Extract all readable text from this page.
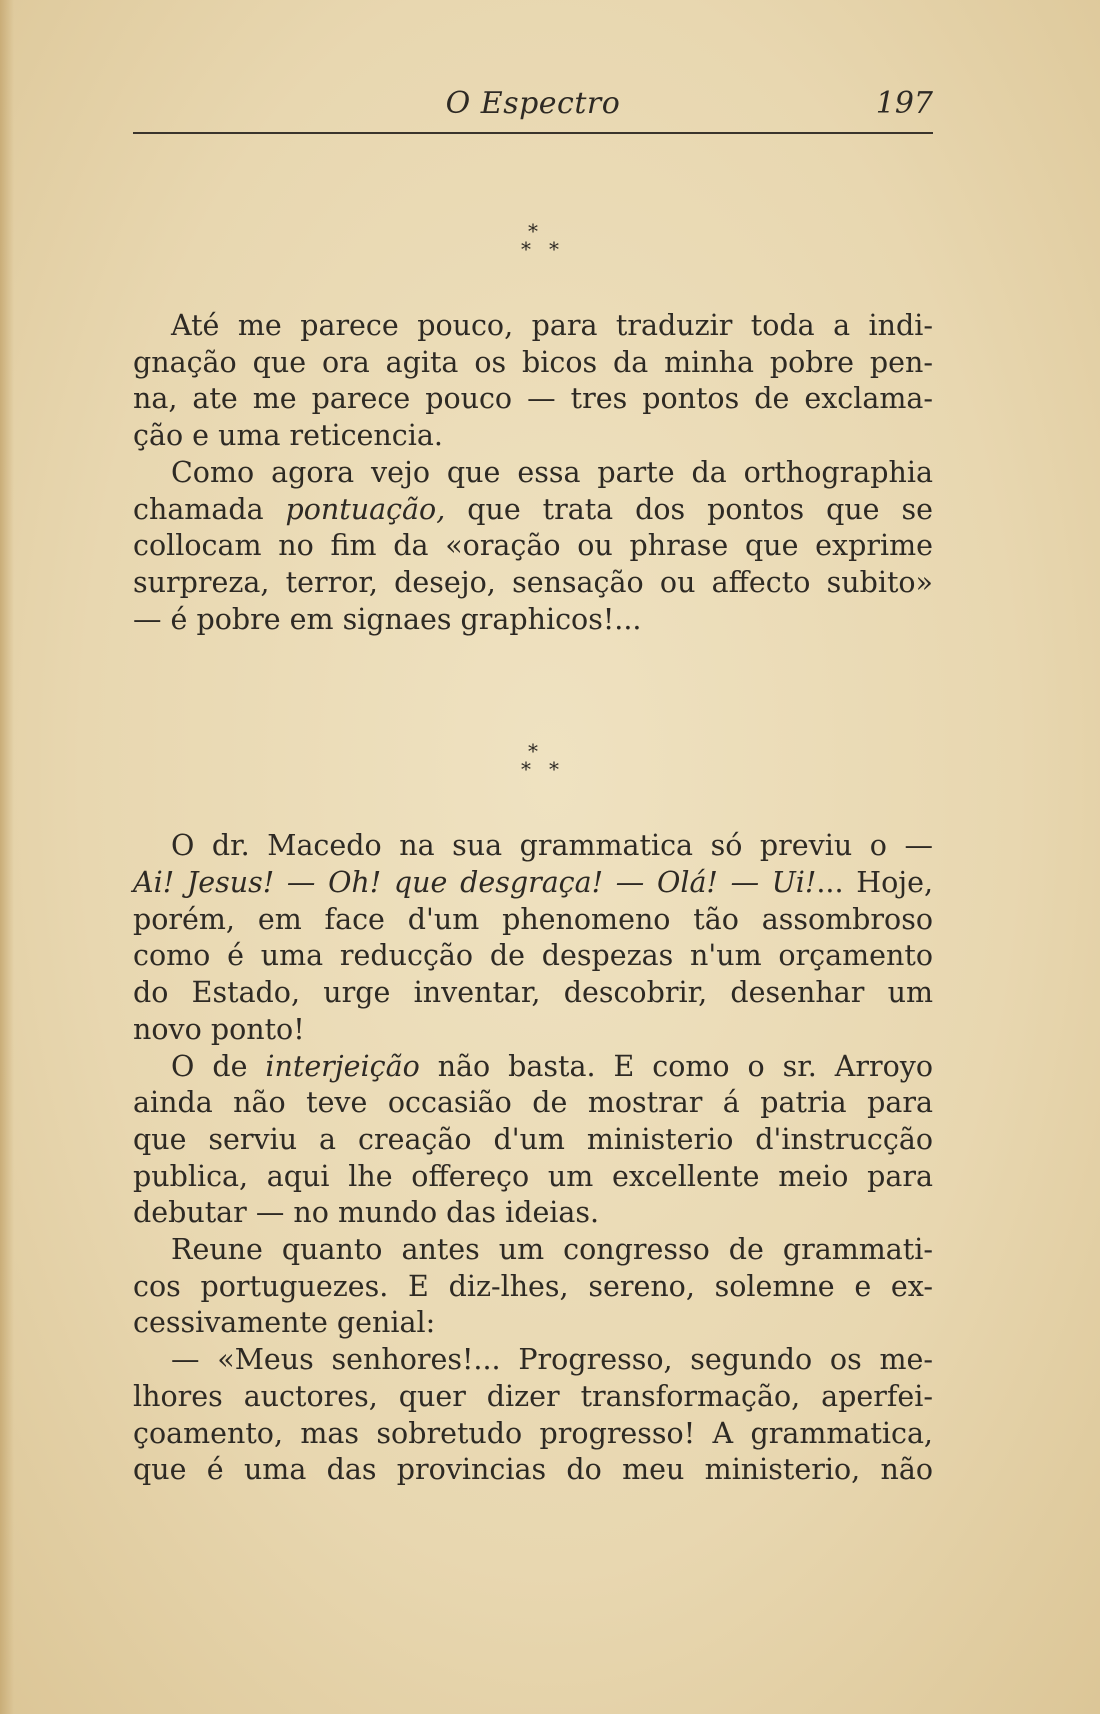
O Espectro	197
*
**

Até me parece pouco, para traduzir toda a indi-

gnação que ora agita os bicos da minha pobre pen-

na, ate me parece pouco — tres pontos de exclama-

ção e uma reticencia.

Como agora vejo que essa parte da orthographia

chamada pontuação, que trata dos pontos que se

collocam no fim da «oração ou phrase que exprime

surpreza, terror, desejo, sensação ou affecto subito»

— é pobre em signaes graphicos!...

*
**

O dr. Macedo na sua grammatica só previu o —

Ai! Jesus! — Oh! que desgraça! — Olá! — Ui!... Hoje,

porém, em face d'um phenomeno tão assombroso

como é uma reducção de despezas n'um orçamento

do Estado, urge inventar, descobrir, desenhar um

novo ponto!

O de interjeição não basta. E como o sr. Arroyo

ainda não teve occasião de mostrar á patria para

que serviu a creação d'um ministerio d'instrucção

publica, aqui lhe offereço um excellente meio para

debutar — no mundo das ideias.

Reune quanto antes um congresso de grammati-

cos portuguezes. E diz-lhes, sereno, solemne e ex-

cessivamente genial:

— «Meus senhores!... Progresso, segundo os me-

lhores auctores, quer dizer transformação, aperfei-

çoamento, mas sobretudo progresso! A grammatica,

que é uma das provincias do meu ministerio, não
